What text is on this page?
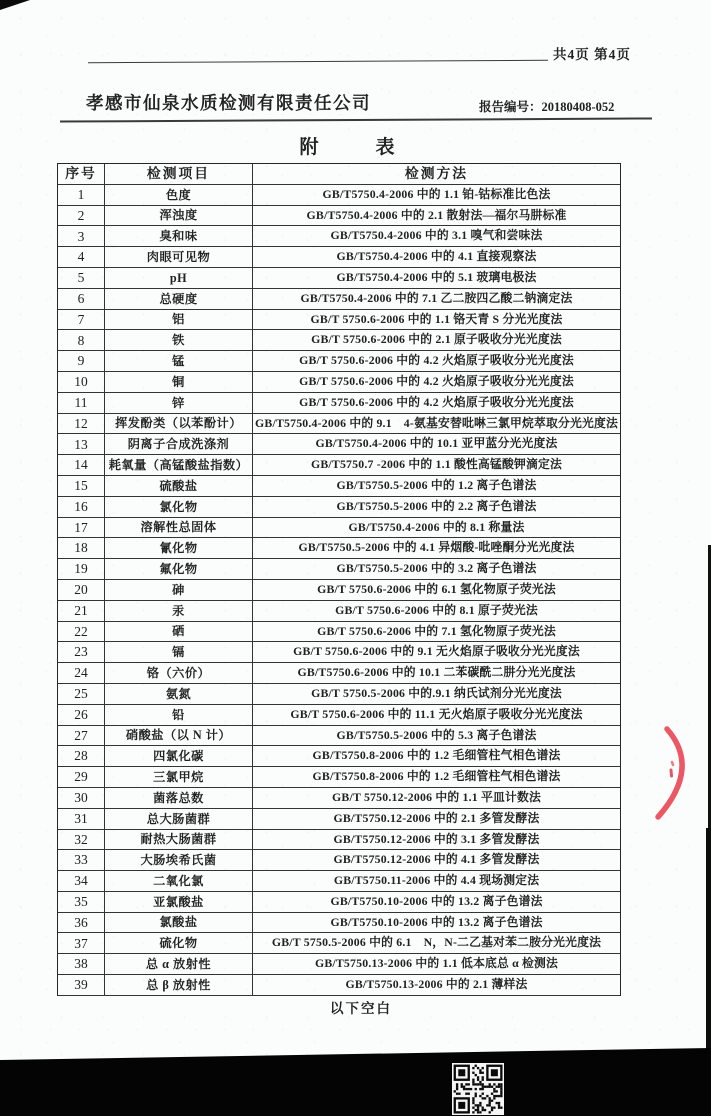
共4页 第4页
孝感市仙泉水质检测有限责任公司	报告编号：20180408-052
附　　　表
序号	检测项目	检测方法
1	色度	GB/T5750.4-2006 中的 1.1 铂-钴标准比色法
2	浑浊度	GB/T5750.4-2006 中的 2.1 散射法—福尔马肼标准
3	臭和味	GB/T5750.4-2006 中的 3.1 嗅气和尝味法
4	肉眼可见物	GB/T5750.4-2006 中的 4.1 直接观察法
5	pH	GB/T5750.4-2006 中的 5.1 玻璃电极法
6	总硬度	GB/T5750.4-2006 中的 7.1 乙二胺四乙酸二钠滴定法
7	铝	GB/T 5750.6-2006 中的 1.1 铬天青 S 分光光度法
8	铁	GB/T 5750.6-2006 中的 2.1 原子吸收分光光度法
9	锰	GB/T 5750.6-2006 中的 4.2 火焰原子吸收分光光度法
10	铜	GB/T 5750.6-2006 中的 4.2 火焰原子吸收分光光度法
11	锌	GB/T 5750.6-2006 中的 4.2 火焰原子吸收分光光度法
12	挥发酚类（以苯酚计）	GB/T5750.4-2006 中的 9.1　4-氨基安替吡啉三氯甲烷萃取分光光度法
13	阴离子合成洗涤剂	GB/T5750.4-2006 中的 10.1 亚甲蓝分光光度法
14	耗氧量（高锰酸盐指数）	GB/T5750.7 -2006 中的 1.1 酸性高锰酸钾滴定法
15	硫酸盐	GB/T5750.5-2006 中的 1.2 离子色谱法
16	氯化物	GB/T5750.5-2006 中的 2.2 离子色谱法
17	溶解性总固体	GB/T5750.4-2006 中的 8.1 称量法
18	氰化物	GB/T5750.5-2006 中的 4.1 异烟酸-吡唑酮分光光度法
19	氟化物	GB/T5750.5-2006 中的 3.2 离子色谱法
20	砷	GB/T 5750.6-2006 中的 6.1 氢化物原子荧光法
21	汞	GB/T 5750.6-2006 中的 8.1 原子荧光法
22	硒	GB/T 5750.6-2006 中的 7.1 氢化物原子荧光法
23	镉	GB/T 5750.6-2006 中的 9.1 无火焰原子吸收分光光度法
24	铬（六价）	GB/T5750.6-2006 中的 10.1 二苯碳酰二肼分光光度法
25	氨氮	GB/T 5750.5-2006 中的.9.1 纳氏试剂分光光度法
26	铅	GB/T 5750.6-2006 中的 11.1 无火焰原子吸收分光光度法
27	硝酸盐（以 N 计）	GB/T5750.5-2006 中的 5.3 离子色谱法
28	四氯化碳	GB/T5750.8-2006 中的 1.2 毛细管柱气相色谱法
29	三氯甲烷	GB/T5750.8-2006 中的 1.2 毛细管柱气相色谱法
30	菌落总数	GB/T 5750.12-2006 中的 1.1 平皿计数法
31	总大肠菌群	GB/T5750.12-2006 中的 2.1 多管发酵法
32	耐热大肠菌群	GB/T5750.12-2006 中的 3.1 多管发酵法
33	大肠埃希氏菌	GB/T5750.12-2006 中的 4.1 多管发酵法
34	二氧化氯	GB/T5750.11-2006 中的 4.4 现场测定法
35	亚氯酸盐	GB/T5750.10-2006 中的 13.2 离子色谱法
36	氯酸盐	GB/T5750.10-2006 中的 13.2 离子色谱法
37	硫化物	GB/T 5750.5-2006 中的 6.1　N，N-二乙基对苯二胺分光光度法
38	总 α 放射性	GB/T5750.13-2006 中的 1.1 低本底总 α 检测法
39	总 β 放射性	GB/T5750.13-2006 中的 2.1 薄样法
以下空白
